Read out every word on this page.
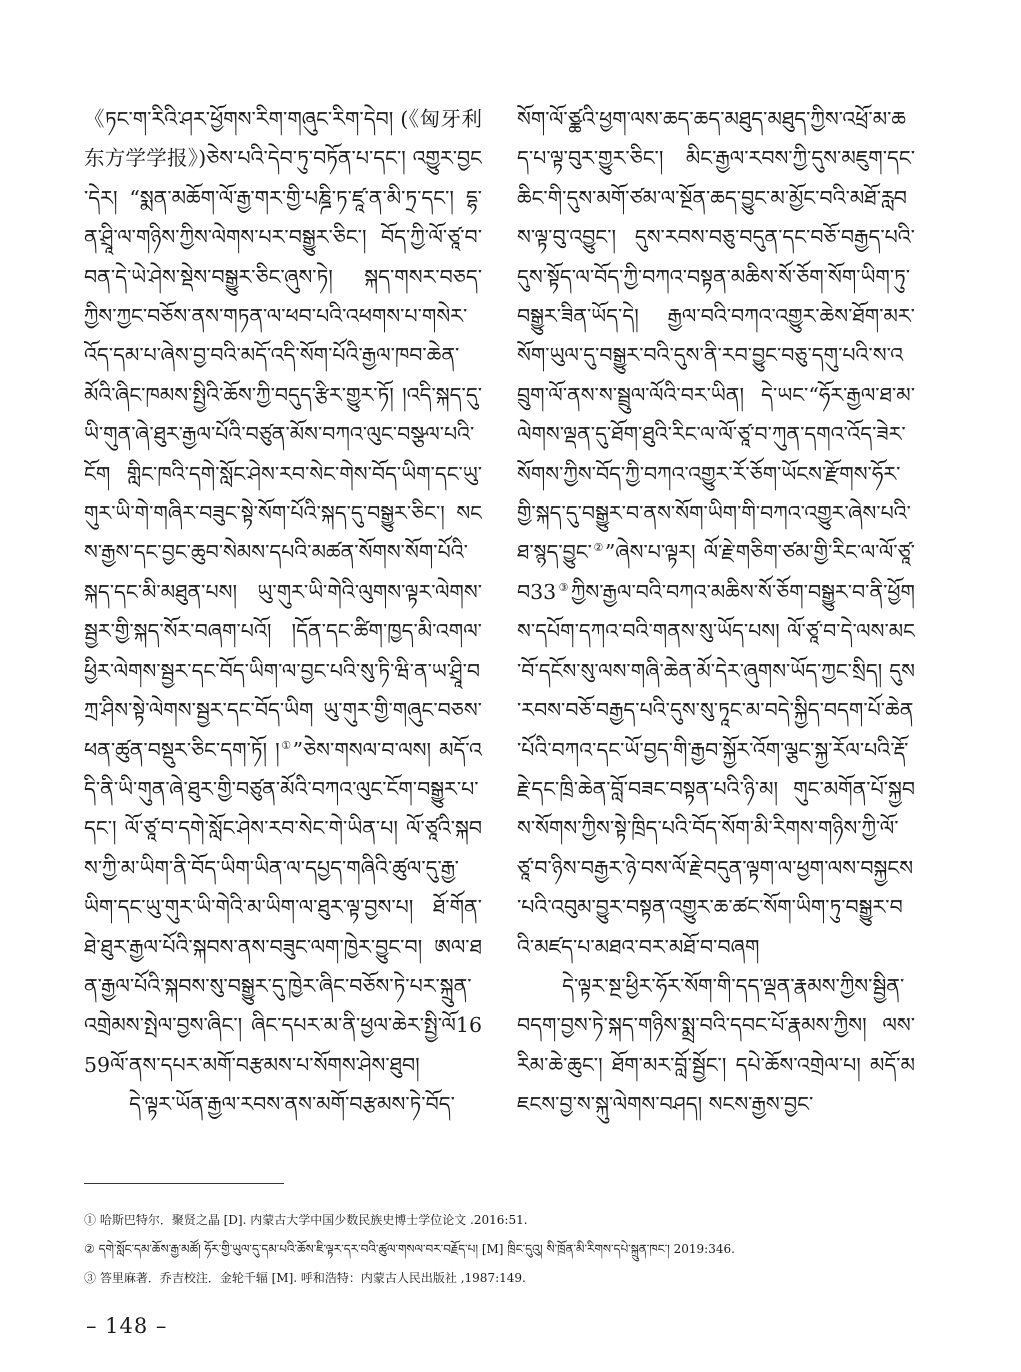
《ཏང་ག་རིའི་ཤར་ཕྱོགས་རིག་གཞུང་རིག་དེབ། (《匈牙利东方学学报》)ཅེས་པའི་དེབ་ཏུ་བཏོན་པ་དང་། འགྱུར་བྱང་དེར། “སྨན་མཆོག་ལོ་རྒྱ་གར་གྱི་པཎྜི་ཏ་ཛཱ་ན་མི་ཏྲ་དང་། དྷ་ན་ཤྲཱི་ལ་གཉིས་ཀྱིས་ལེགས་པར་བསྒྱུར་ཅིང་། བོད་ཀྱི་ལོ་ཙཱ་བ་བན་དེ་ཡེ་ཤེས་སྡེས་བསྒྱུར་ཅིང་ཞུས་ཏེ། སྐད་གསར་བཅད་ཀྱིས་ཀྱང་བཅོས་ནས་གཏན་ལ་ཕབ་པའི་འཕགས་པ་གསེར་འོད་དམ་པ་ཞེས་བྱ་བའི་མདོ་འདི་སོག་པོའི་རྒྱལ་ཁབ་ཆེན་མོའི་ཞིང་ཁམས་སྤྱིའི་ཆོས་ཀྱི་བདུད་རྩིར་གྱུར་ཏོ། །འདི་སྐད་དུ་ཡི་གུན་ཞེ་ཐུར་རྒྱལ་པོའི་བཙུན་མོས་བཀའ་ལུང་བསྩལ་པའི་ངོག གླིང་ཁའི་དགེ་སློང་ཤེས་རབ་སེང་གེས་བོད་ཡིག་དང་ཡུ་གུར་ཡི་གེ་གཞིར་བཟུང་སྟེ་སོག་པོའི་སྐད་དུ་བསྒྱུར་ཅིང་། སངས་རྒྱས་དང་བྱང་ཆུབ་སེམས་དཔའི་མཚན་སོགས་སོག་པོའི་སྐད་དང་མི་མཐུན་པས། ཡུ་གུར་ཡི་གེའི་ལུགས་ལྟར་ལེགས་སྦྱར་གྱི་སྐད་སོར་བཞག་པའོ། །དོན་དང་ཚིག་ཁྱད་མི་འགལ་ཕྱིར་ལེགས་སྦྱར་དང་བོད་ཡིག་ལ་བྱང་པའི་སུ་ཏི་ཝི་ན་ཡ་ཤྲཱི་བཀྲ་ཤིས་སྟེ་ལེགས་སྦྱར་དང་བོད་ཡིག ཡུ་གུར་གྱི་གཞུང་བཅས་ཕན་ཚུན་བསྡུར་ཅིང་དག་ཏོ། །①”ཅེས་གསལ་བ་ལས། མདོ་འདི་ནི་ཡི་གུན་ཞེ་ཐུར་གྱི་བཙུན་མོའི་བཀའ་ལུང་ངོག་བསྒྱུར་པ་དང་། ལོ་ཙཱ་བ་དགེ་སློང་ཤེས་རབ་སེང་གེ་ཡིན་པ། ལོ་ཙཱའི་སྐབས་ཀྱི་མ་ཡིག་ནི་བོད་ཡིག་ཡིན་ལ་དཔྱད་གཞིའི་ཚུལ་དུ་རྒྱ་ཡིག་དང་ཡུ་གུར་ཡི་གེའི་མ་ཡིག་ལ་ཐུར་ལྟ་བྱས་པ། ཐོ་གོན་ཐེ་ཐུར་རྒྱལ་པོའི་སྐབས་ནས་བཟུང་ལག་ཁྱེར་བྱུང་བ། ཨལ་ཐན་རྒྱལ་པོའི་སྐབས་སུ་བསྒྱུར་དུ་ཁྱེར་ཞིང་བཅོས་ཏེ་པར་སྐྲུན་འགྲེམས་སྤེལ་བྱས་ཞིང་། ཞིང་དཔར་མ་ནི་ཕྱལ་ཆེར་སྤྱི་ལོ1659ལོ་ནས་དཔར་མགོ་བརྩམས་པ་སོགས་ཤེས་ཐུབ།

དེ་ལྟར་ཡོན་རྒྱལ་རབས་ནས་མགོ་བརྩམས་ཏེ་བོད་

སོག་ལོ་ཙྪའི་ཕྱག་ལས་ཆད་ཆད་མཐུད་མཐུད་ཀྱིས་འཕྲོ་མ་ཆད་པ་ལྟ་བུར་གྱུར་ཅིང་། མིང་རྒྱལ་རབས་ཀྱི་དུས་མཇུག་དང་ཆིང་གི་དུས་མགོ་ཙམ་ལ་སྔོན་ཆད་བྱུང་མ་མྱོང་བའི་མཐོ་རླབས་ལྟ་བུ་འབྱུང་། དུས་རབས་བཅུ་བདུན་དང་བཅོ་བརྒྱད་པའི་དུས་སྟོད་ལ་བོད་ཀྱི་བཀའ་བསྟན་མཆིས་སོ་ཅོག་སོག་ཡིག་ཏུ་བསྒྱུར་ཟིན་ཡོད་དེ། རྒྱལ་བའི་བཀའ་འགྱུར་ཆེས་ཐོག་མར་སོག་ཡུལ་དུ་བསྒྱུར་བའི་དུས་ནི་རབ་བྱུང་བཅུ་དགུ་པའི་ས་འབྲུག་ལོ་ནས་ས་སྦྲུལ་ལོའི་བར་ཡིན། དེ་ཡང་“ཧོར་རྒྱལ་ཐ་མ་ལེགས་ལྡན་དུ་ཐོག་ཐུའི་རིང་ལ་ལོ་ཙཱ་བ་ཀུན་དགའ་འོད་ཟེར་སོགས་ཀྱིས་བོད་ཀྱི་བཀའ་འགྱུར་རོ་ཅོག་ཡོངས་རྫོགས་ཧོར་གྱི་སྐད་དུ་བསྒྱུར་བ་ནས་སོག་ཡིག་གི་བཀའ་འགྱུར་ཞེས་པའི་ཐ་སྙད་བྱུང་②”ཞེས་པ་ལྟར། ལོ་རྗེ་གཅིག་ཙམ་གྱི་རིང་ལ་ལོ་ཙཱ་བ33③ཀྱིས་རྒྱལ་བའི་བཀའ་མཆིས་སོ་ཅོག་བསྒྱུར་བ་ནི་ཕྱོགས་དཔོག་དཀའ་བའི་གནས་སུ་ཡོད་པས། ལོ་ཙཱ་བ་དེ་ལས་མང་བོ་དངོས་སུ་ལས་གཞི་ཆེན་མོ་དེར་ཞུགས་ཡོད་ཀྱང་སྲིད། དུས་རབས་བཅོ་བརྒྱད་པའི་དུས་སུ་ཏཱང་མ་བདེ་སྐྱིད་བདག་པོ་ཆེན་པོའི་བཀའ་དང་ཡོ་བྱད་གི་རྒྱབ་སྐྱོར་འོག་ལྕང་སྐྱ་རོལ་པའི་རྡོ་རྗེ་དང་ཁྲི་ཆེན་བློ་བཟང་བསྟན་པའི་ཉི་མ། གུང་མགོན་པོ་སྐྱབས་སོགས་ཀྱིས་སྟེ་ཁྲིད་པའི་བོད་སོག་མི་རིགས་གཉིས་ཀྱི་ལོ་ཙཱ་བ་ཉིས་བརྒྱར་ཉེ་བས་ལོ་རྗེ་བདུན་ལྟག་ལ་ཕྱག་ལས་བསྐྱངས་པའི་འབུམ་བྱུར་བསྟན་འགྱུར་ཆ་ཚང་སོག་ཡིག་ཏུ་བསྒྱུར་བའི་མཛད་པ་མཐའ་བར་མཐོ་བ་བཞག

དེ་ལྟར་སྔ་ཕྱིར་ཧོར་སོག་གི་དད་ལྡན་རྣམས་ཀྱིས་སྦྱིན་བདག་བྱས་ཏེ་སྐད་གཉིས་སྨྲ་བའི་དབང་པོ་རྣམས་ཀྱིས། ལས་རིམ་ཆེ་ཆུང་། ཐོག་མར་བློ་སྦྱོང་། དཔེ་ཆོས་འགྲེལ་པ། མདོ་མཇངས་བྱ་ས་སྐུ་ལེགས་བཤད། སངས་རྒྱས་བྱང་

① 哈斯巴特尔．聚贤之晶 [D]. 内蒙古大学中国少数民族史博士学位论文 .2016:51.
② དགེ་སློང་དམ་ཆོས་རྒྱ་མཚོ། ཧོར་གྱི་ཡུལ་དུ་དམ་པའི་ཆོས་ཇི་ལྟར་དར་བའི་ཚུལ་གསལ་བར་བརྗོད་པ། [M] ཁྲིང་དུའུ། སི་ཁྲོན་མི་རིགས་དཔེ་སྐྲུན་ཁང་། 2019:346.
③ 答里麻著．乔吉校注．金轮千辐 [M]. 呼和浩特：内蒙古人民出版社 ,1987:149.
– 148 –
